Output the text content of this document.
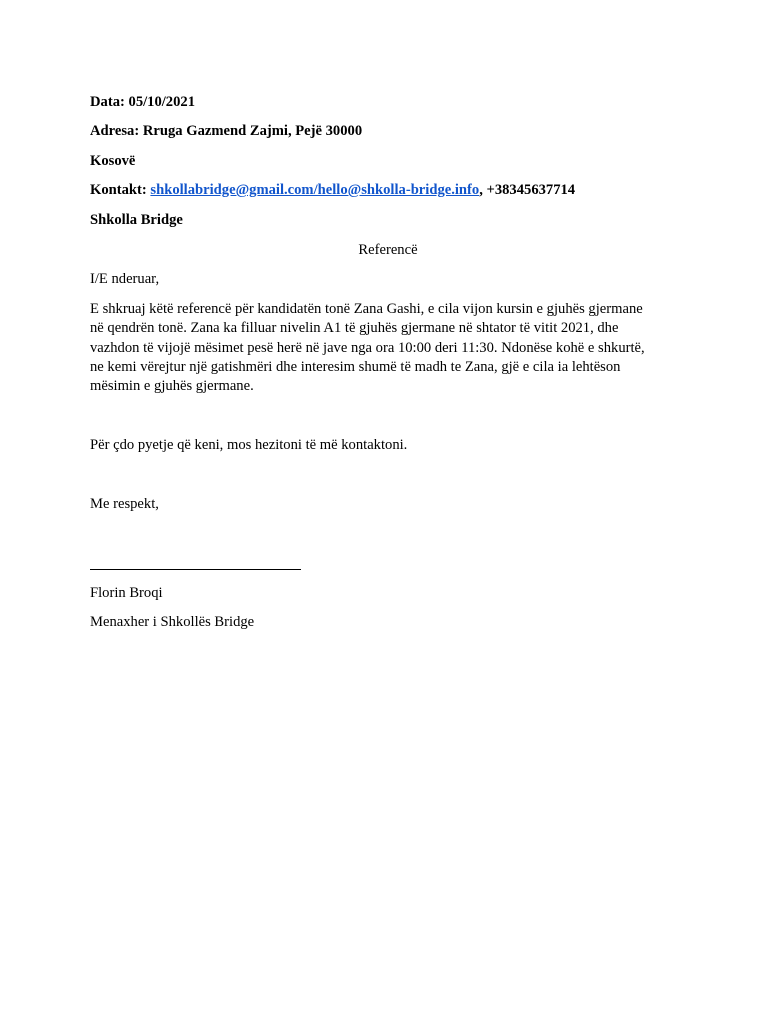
Data: 05/10/2021
Adresa: Rruga Gazmend Zajmi, Pejë 30000
Kosovë
Kontakt: shkollabridge@gmail.com/hello@shkolla-bridge.info, +38345637714
Shkolla Bridge
Referencë
I/E nderuar,
E shkruaj këtë referencë për kandidatën tonë Zana Gashi, e cila vijon kursin e gjuhës gjermane
në qendrën tonë. Zana ka filluar nivelin A1 të gjuhës gjermane në shtator të vitit 2021, dhe
vazhdon të vijojë mësimet pesë herë në jave nga ora 10:00 deri 11:30. Ndonëse kohë e shkurtë,
ne kemi vërejtur një gatishmëri dhe interesim shumë të madh te Zana, gjë e cila ia lehtëson
mësimin e gjuhës gjermane.
Për çdo pyetje që keni, mos hezitoni të më kontaktoni.
Me respekt,
Florin Broqi
Menaxher i Shkollës Bridge
